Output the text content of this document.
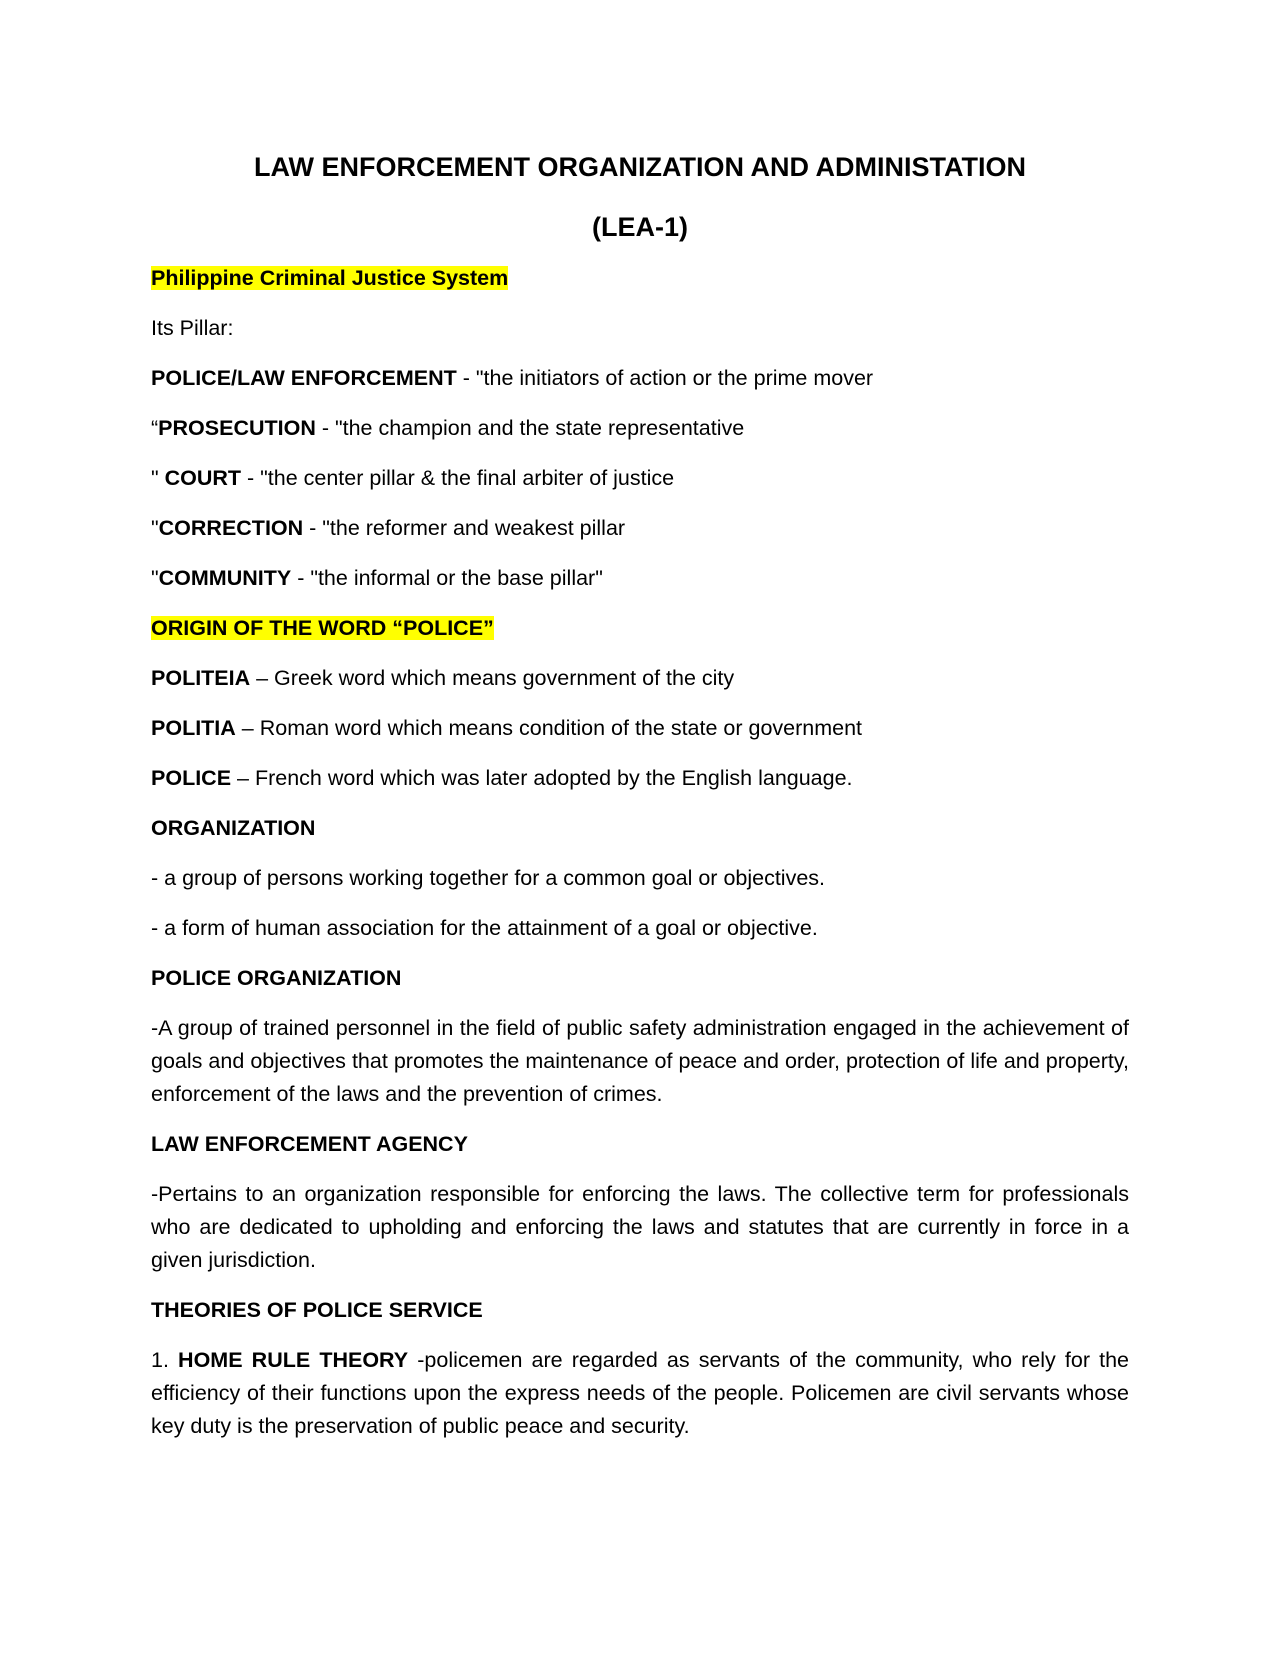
LAW ENFORCEMENT ORGANIZATION AND ADMINISTATION
(LEA-1)

Philippine Criminal Justice System

Its Pillar:

POLICE/LAW ENFORCEMENT - "the initiators of action or the prime mover

“PROSECUTION - "the champion and the state representative

" COURT - "the center pillar & the final arbiter of justice

"CORRECTION - "the reformer and weakest pillar

"COMMUNITY - "the informal or the base pillar"

ORIGIN OF THE WORD “POLICE”

POLITEIA – Greek word which means government of the city

POLITIA – Roman word which means condition of the state or government

POLICE – French word which was later adopted by the English language.

ORGANIZATION

- a group of persons working together for a common goal or objectives.

- a form of human association for the attainment of a goal or objective.

POLICE ORGANIZATION

-A group of trained personnel in the field of public safety administration engaged in the achievement of goals and objectives that promotes the maintenance of peace and order, protection of life and property, enforcement of the laws and the prevention of crimes.

LAW ENFORCEMENT AGENCY

-Pertains to an organization responsible for enforcing the laws. The collective term for professionals who are dedicated to upholding and enforcing the laws and statutes that are currently in force in a given jurisdiction.

THEORIES OF POLICE SERVICE

1. HOME RULE THEORY -policemen are regarded as servants of the community, who rely for the efficiency of their functions upon the express needs of the people. Policemen are civil servants whose key duty is the preservation of public peace and security.
